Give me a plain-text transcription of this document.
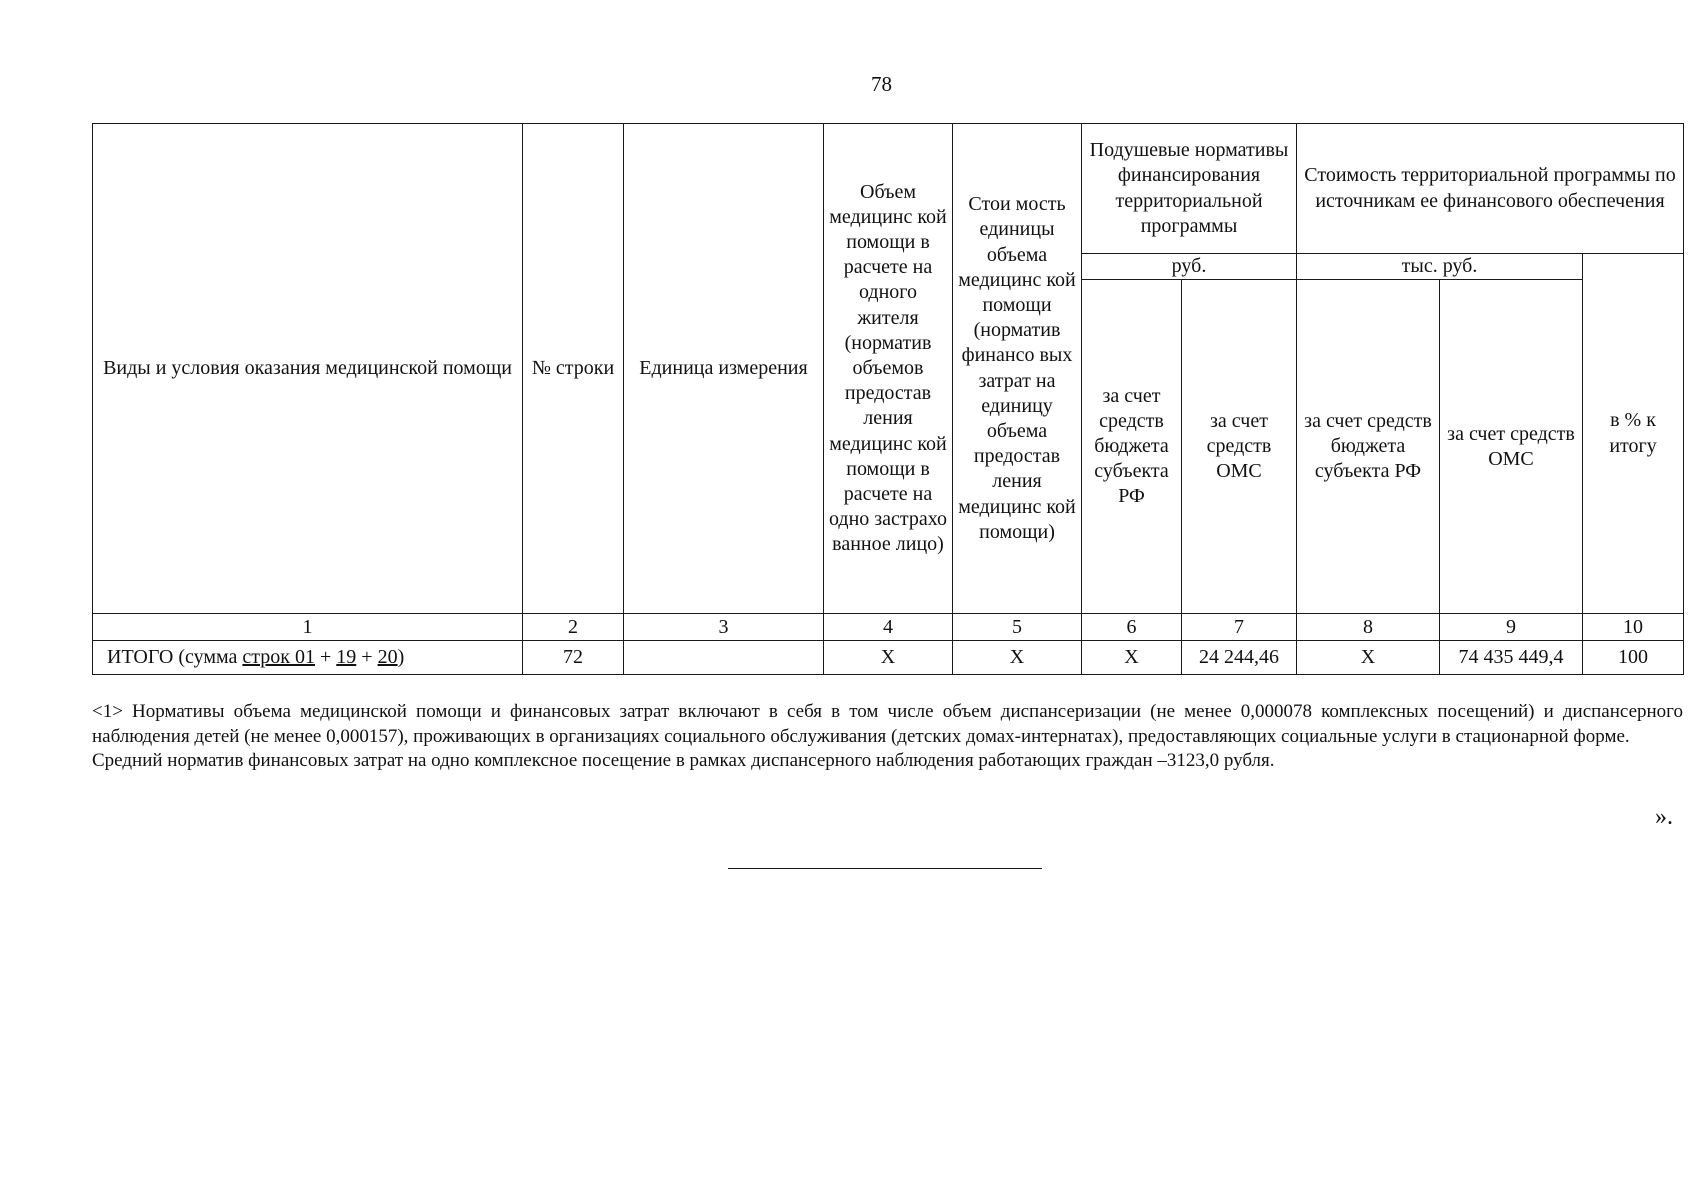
78
Виды и условия оказания медицинской помощи	№ строки	Единица измерения	Объем медицинс кой помощи в расчете на одного жителя (норматив объемов предостав ления медицинс кой помощи в расчете на одно застрахо ванное лицо)	Стои мость единицы объема медицинс кой помощи (норматив финансо вых затрат на единицу объема предостав ления медицинс кой помощи)	Подушевые нормативы финансирования территориальной программы		Стоимость территориальной программы по источникам ее финансового обеспечения		
					руб.		тыс. руб.		в % к итогу
					за счет средств бюджета субъекта РФ	за счет средств ОМС	за счет средств бюджета субъекта РФ	за счет средств ОМС	
1	2	3	4	5	6	7	8	9	10
ИТОГО (сумма строк 01 + 19 + 20)	72		X	X	X	24 244,46	X	74 435 449,4	100

<1> Нормативы объема медицинской помощи и финансовых затрат включают в себя в том числе объем диспансеризации (не менее 0,000078 комплексных посещений) и диспансерного наблюдения детей (не менее 0,000157), проживающих в организациях социального обслуживания (детских домах-интернатах), предоставляющих социальные услуги в стационарной форме.

Средний норматив финансовых затрат на одно комплексное посещение в рамках диспансерного наблюдения работающих граждан –3123,0 рубля.

».
